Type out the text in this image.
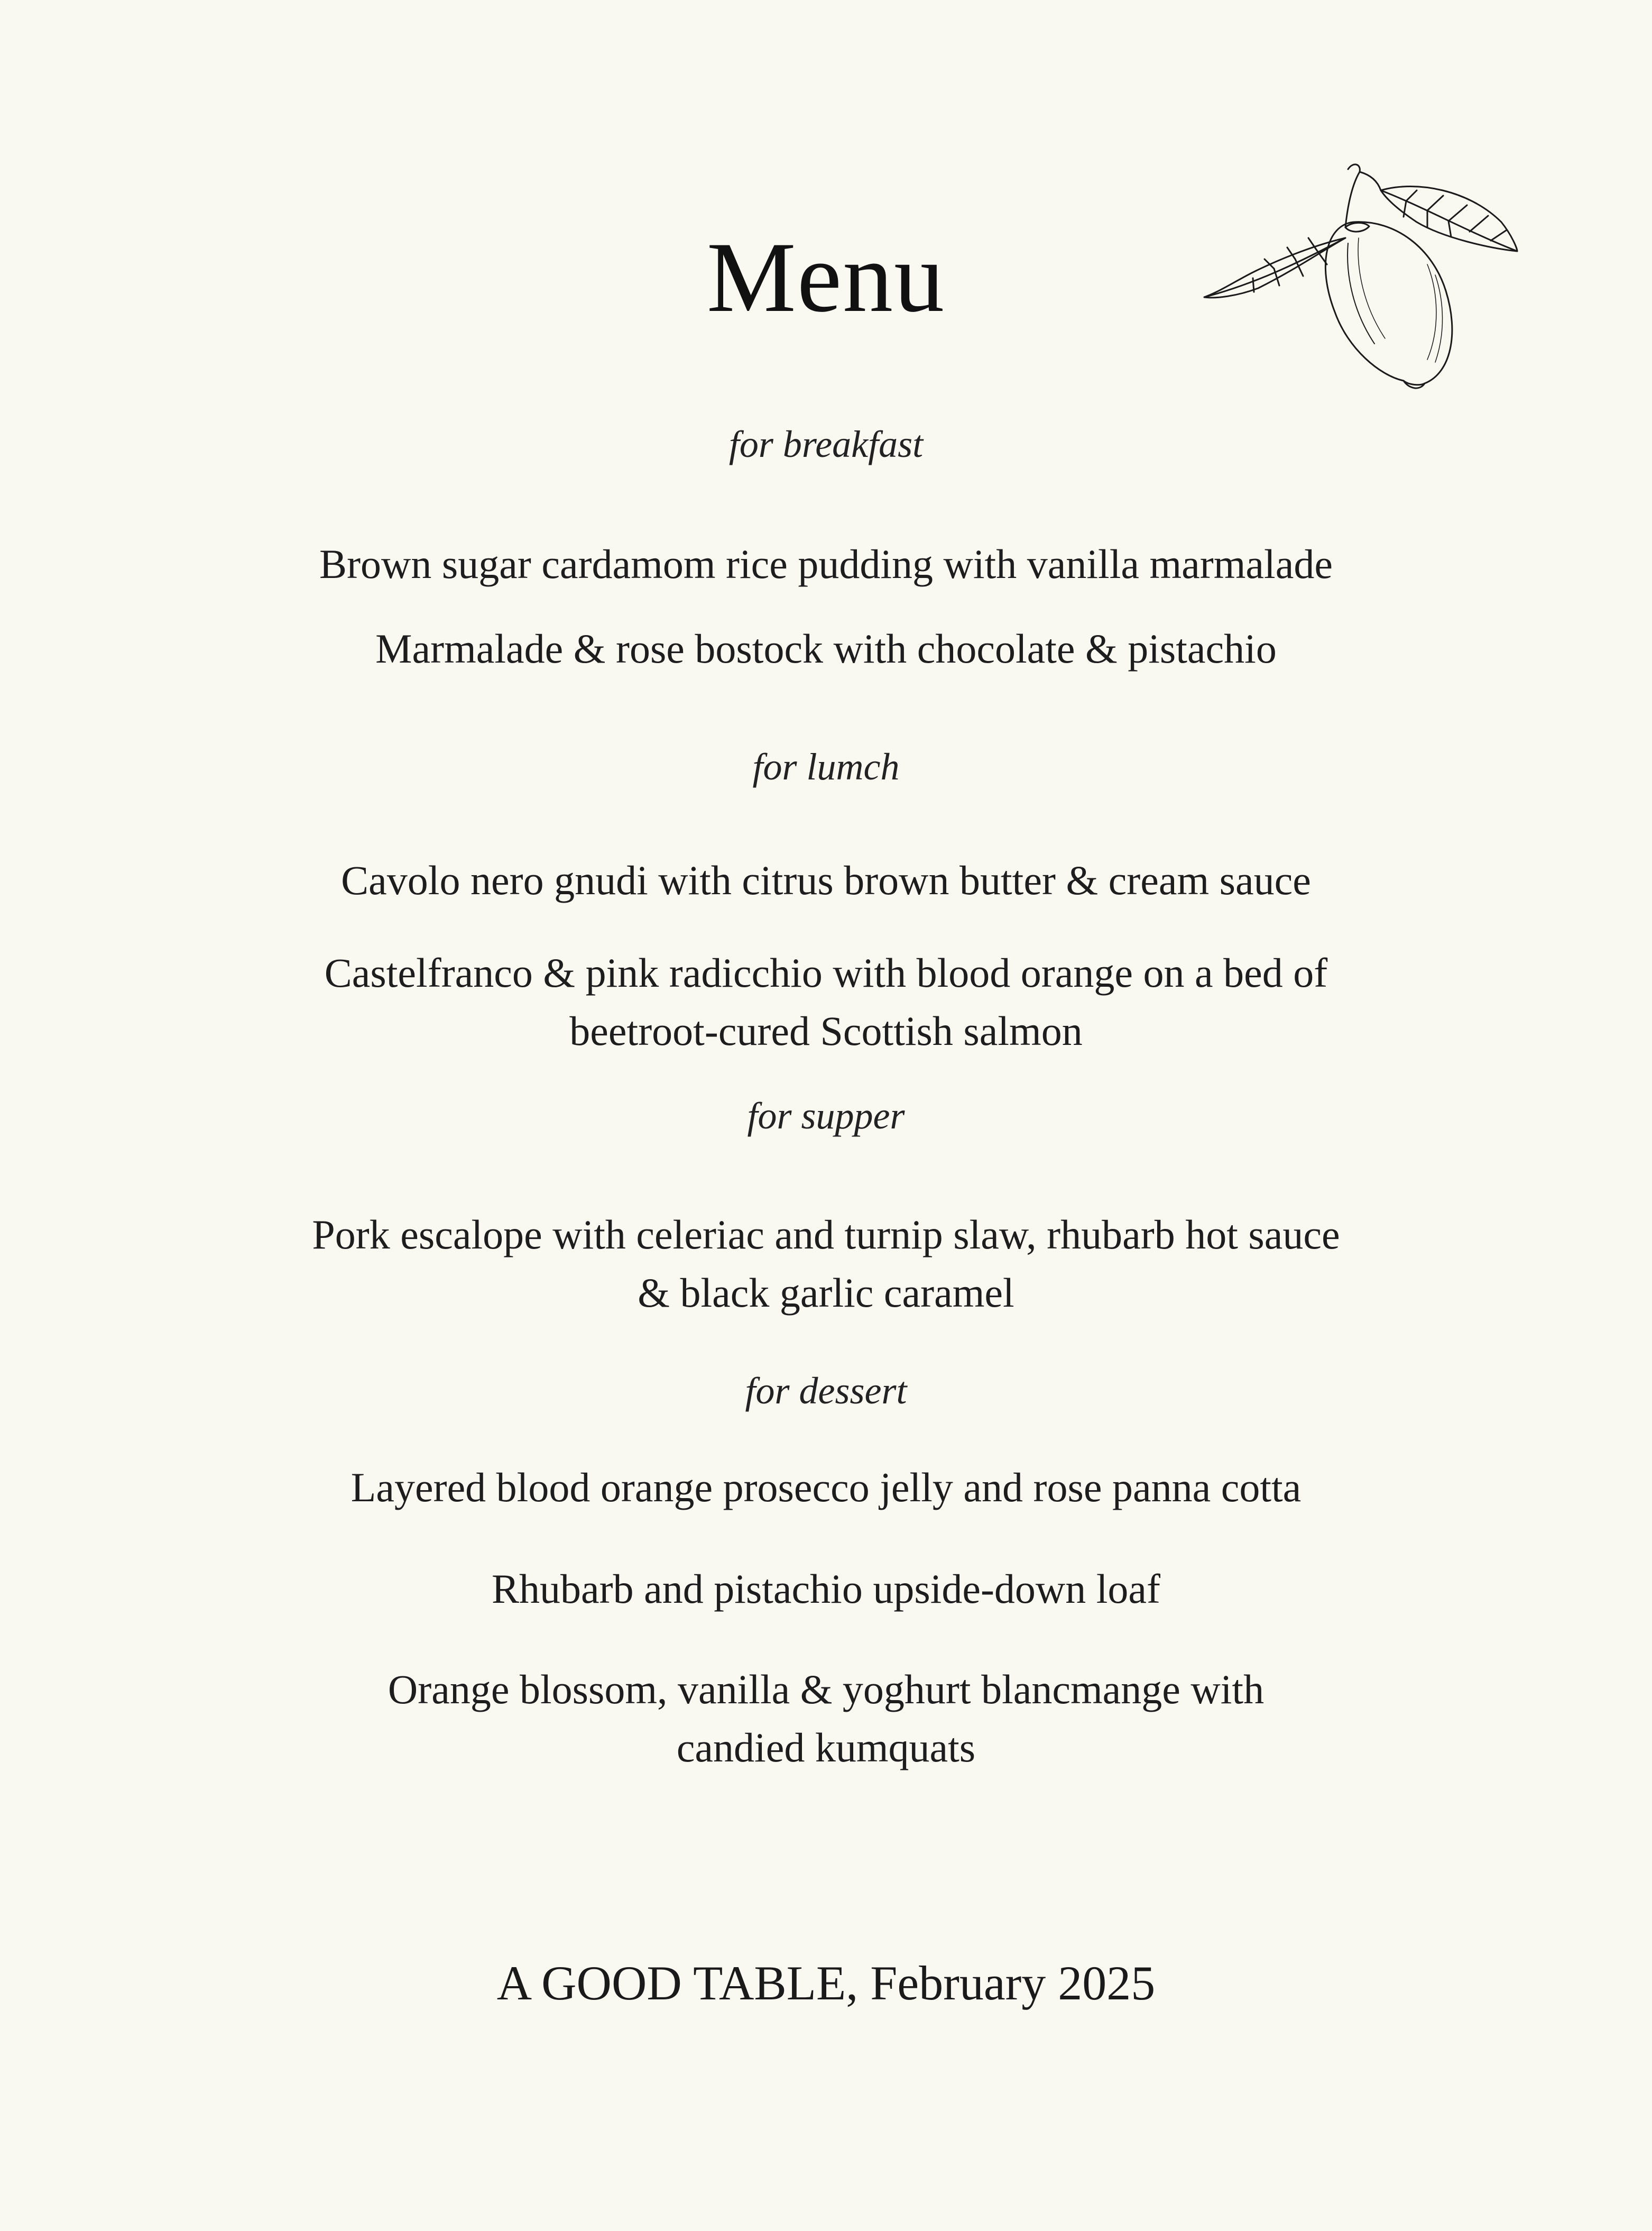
Menu
for breakfast
Brown sugar cardamom rice pudding with vanilla marmalade
Marmalade & rose bostock with chocolate & pistachio
for lumch
Cavolo nero gnudi with citrus brown butter & cream sauce
Castelfranco & pink radicchio with blood orange on a bed of
beetroot-cured Scottish salmon
for supper
Pork escalope with celeriac and turnip slaw, rhubarb hot sauce
& black garlic caramel
for dessert
Layered blood orange prosecco jelly and rose panna cotta
Rhubarb and pistachio upside-down loaf
Orange blossom, vanilla & yoghurt blancmange with
candied kumquats
A GOOD TABLE, February 2025
